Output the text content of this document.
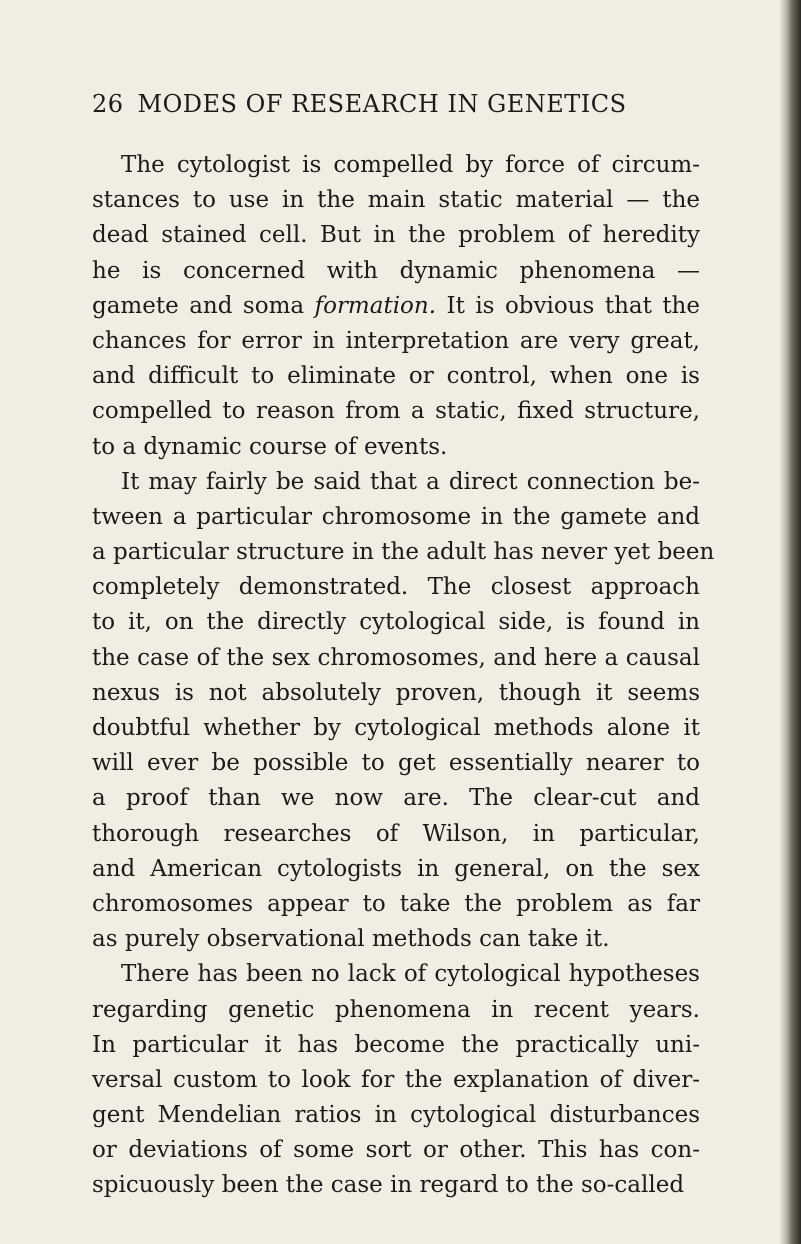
26 MODES OF RESEARCH IN GENETICS
The cytologist is compelled by force of circum-
stances to use in the main static material — the
dead stained cell. But in the problem of heredity
he is concerned with dynamic phenomena —
gamete and soma formation. It is obvious that the
chances for error in interpretation are very great,
and difficult to eliminate or control, when one is
compelled to reason from a static, fixed structure,
to a dynamic course of events.
It may fairly be said that a direct connection be-
tween a particular chromosome in the gamete and
a particular structure in the adult has never yet been
completely demonstrated. The closest approach
to it, on the directly cytological side, is found in
the case of the sex chromosomes, and here a causal
nexus is not absolutely proven, though it seems
doubtful whether by cytological methods alone it
will ever be possible to get essentially nearer to
a proof than we now are. The clear-cut and
thorough researches of Wilson, in particular,
and American cytologists in general, on the sex
chromosomes appear to take the problem as far
as purely observational methods can take it.
There has been no lack of cytological hypotheses
regarding genetic phenomena in recent years.
In particular it has become the practically uni-
versal custom to look for the explanation of diver-
gent Mendelian ratios in cytological disturbances
or deviations of some sort or other. This has con-
spicuously been the case in regard to the so-called
